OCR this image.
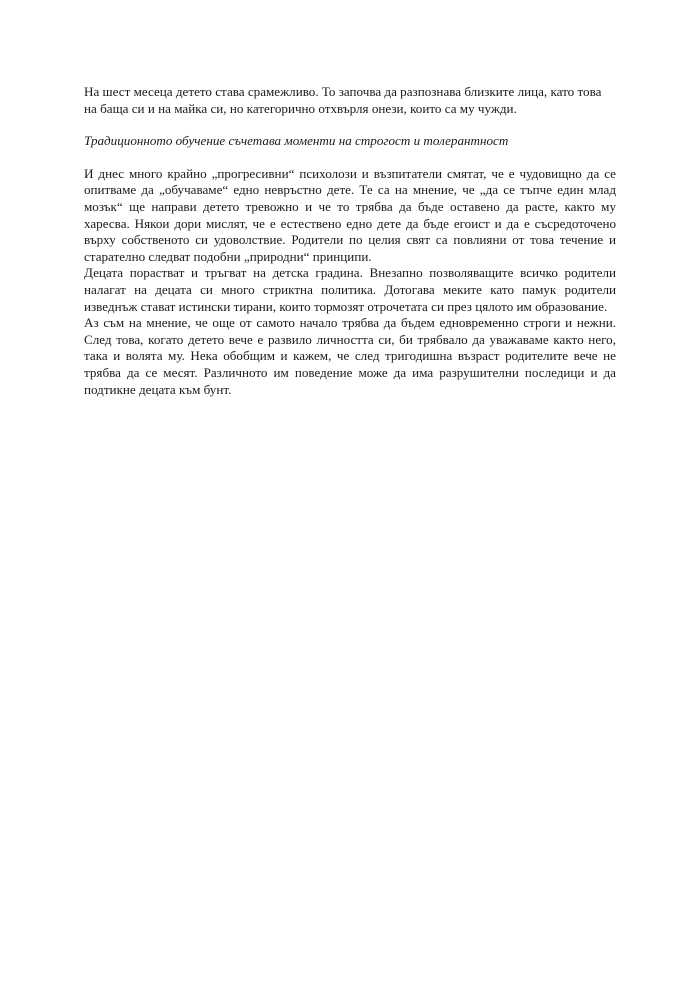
На шест месеца детето става срамежливо. То започва да разпознава близките лица, като това на баща си и на майка си, но категорично отхвърля онези, които са му чужди.

Традиционното обучение съчетава моменти на строгост и толерантност

И днес много крайно „прогресивни“ психолози и възпитатели смятат, че е чудовищно да се опитваме да „обучаваме“ едно невръстно дете. Те са на мнение, че „да се тъпче един млад мозък“ ще направи детето тревожно и че то трябва да бъде оставено да расте, както му харесва. Някои дори мислят, че е естествено едно дете да бъде егоист и да е съсредоточено върху собственото си удоволствие. Родители по целия свят са повлияни от това течение и старателно следват подобни „природни“ принципи.

Децата порастват и тръгват на детска градина. Внезапно позволяващите всичко родители налагат на децата си много стриктна политика. Дотогава меките като памук родители изведнъж стават истински тирани, които тормозят отрочетата си през цялото им образование.

Аз съм на мнение, че още от самото начало трябва да бъдем едновременно строги и нежни. След това, когато детето вече е развило личността си, би трябвало да уважаваме както него, така и волята му. Нека обобщим и кажем, че след тригодишна възраст родителите вече не трябва да се месят. Различното им поведение може да има разрушителни последици и да подтикне децата към бунт.
